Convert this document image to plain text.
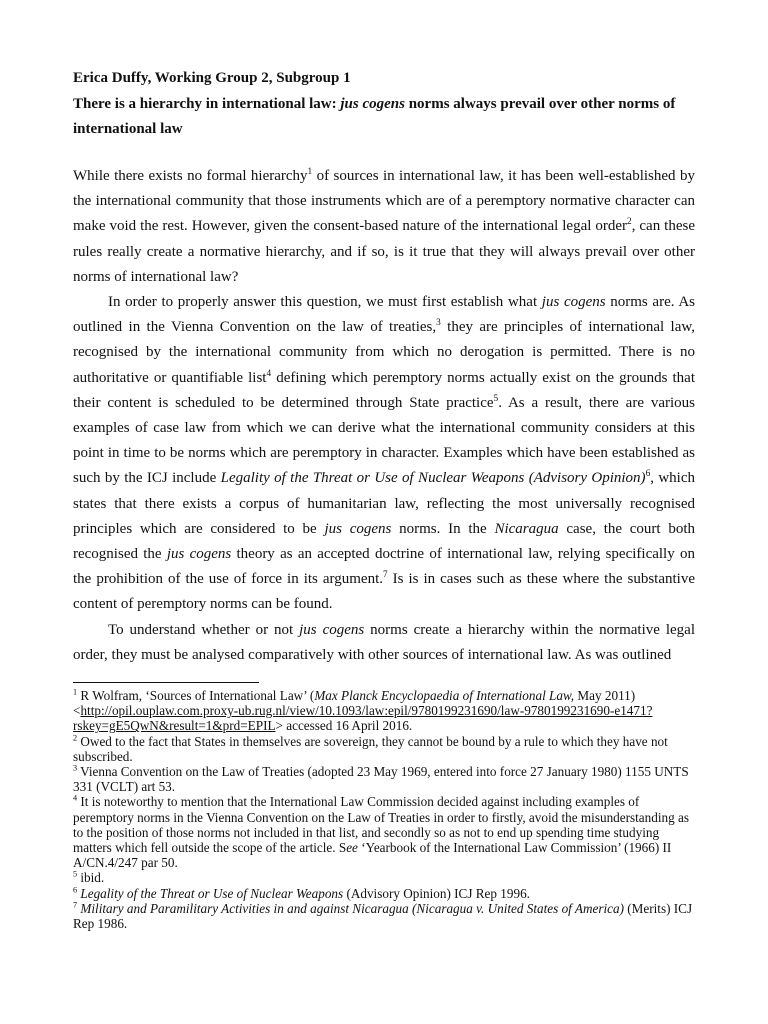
Erica Duffy, Working Group 2, Subgroup 1

There is a hierarchy in international law: jus cogens norms always prevail over other norms of international law

While there exists no formal hierarchy$^1$ of sources in international law, it has been well-established by the international community that those instruments which are of a peremptory normative character can make void the rest. However, given the consent-based nature of the international legal order$^2$, can these rules really create a normative hierarchy, and if so, is it true that they will always prevail over other norms of international law?

In order to properly answer this question, we must first establish what jus cogens norms are. As outlined in the Vienna Convention on the law of treaties,$^3$ they are principles of international law, recognised by the international community from which no derogation is permitted. There is no authoritative or quantifiable list$^4$ defining which peremptory norms actually exist on the grounds that their content is scheduled to be determined through State practice$^5$. As a result, there are various examples of case law from which we can derive what the international community considers at this point in time to be norms which are peremptory in character. Examples which have been established as such by the ICJ include Legality of the Threat or Use of Nuclear Weapons (Advisory Opinion)$^6$, which states that there exists a corpus of humanitarian law, reflecting the most universally recognised principles which are considered to be jus cogens norms. In the Nicaragua case, the court both recognised the jus cogens theory as an accepted doctrine of international law, relying specifically on the prohibition of the use of force in its argument.$^7$ Is is in cases such as these where the substantive content of peremptory norms can be found.

To understand whether or not jus cogens norms create a hierarchy within the normative legal order, they must be analysed comparatively with other sources of international law. As was outlined

$^1$ R Wolfram, ‘Sources of International Law’ (Max Planck Encyclopaedia of International Law, May 2011) <http://opil.ouplaw.com.proxy-ub.rug.nl/view/10.1093/law:epil/9780199231690/law-9780199231690-e1471?rskey=gE5QwN&result=1&prd=EPIL> accessed 16 April 2016.

$^2$ Owed to the fact that States in themselves are sovereign, they cannot be bound by a rule to which they have not subscribed.

$^3$ Vienna Convention on the Law of Treaties (adopted 23 May 1969, entered into force 27 January 1980) 1155 UNTS 331 (VCLT) art 53.

$^4$ It is noteworthy to mention that the International Law Commission decided against including examples of peremptory norms in the Vienna Convention on the Law of Treaties in order to firstly, avoid the misunderstanding as to the position of those norms not included in that list, and secondly so as not to end up spending time studying matters which fell outside the scope of the article. See ‘Yearbook of the International Law Commission’ (1966) II A/CN.4/247 par 50.

$^5$ ibid.

$^6$ Legality of the Threat or Use of Nuclear Weapons (Advisory Opinion) ICJ Rep 1996.

$^7$ Military and Paramilitary Activities in and against Nicaragua (Nicaragua v. United States of America) (Merits) ICJ Rep 1986.
